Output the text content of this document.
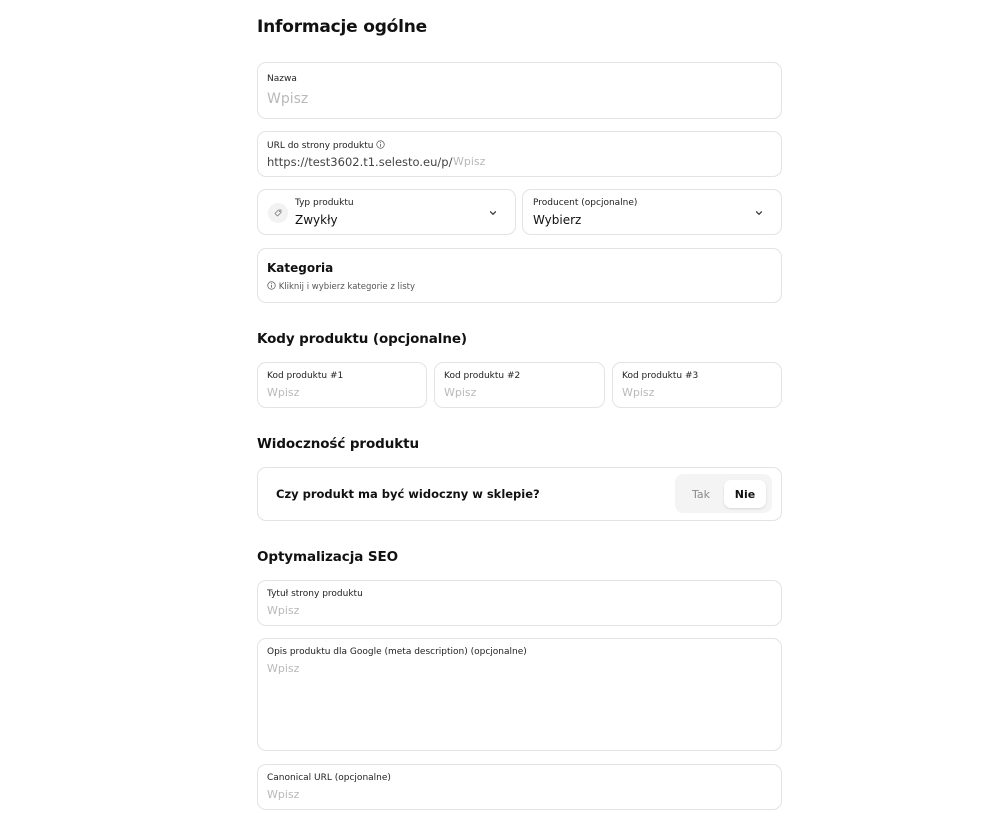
Informacje ogólne
Nazwa
Wpisz
URL do strony produktu
https://test3602.t1.selesto.eu/p/
Wpisz
Typ produktu
Zwykły
Producent (opcjonalne)
Wybierz
Kategoria
Kliknij i wybierz kategorie z listy
Kody produktu (opcjonalne)
Kod produktu #1
Wpisz	Kod produktu #2
Wpisz	Kod produktu #3
Wpisz
Widoczność produktu
Czy produkt ma być widoczny w sklepie?	Tak	Nie
Optymalizacja SEO
Tytuł strony produktu
Wpisz
Opis produktu dla Google (meta description) (opcjonalne)
Wpisz
Canonical URL (opcjonalne)
Wpisz
